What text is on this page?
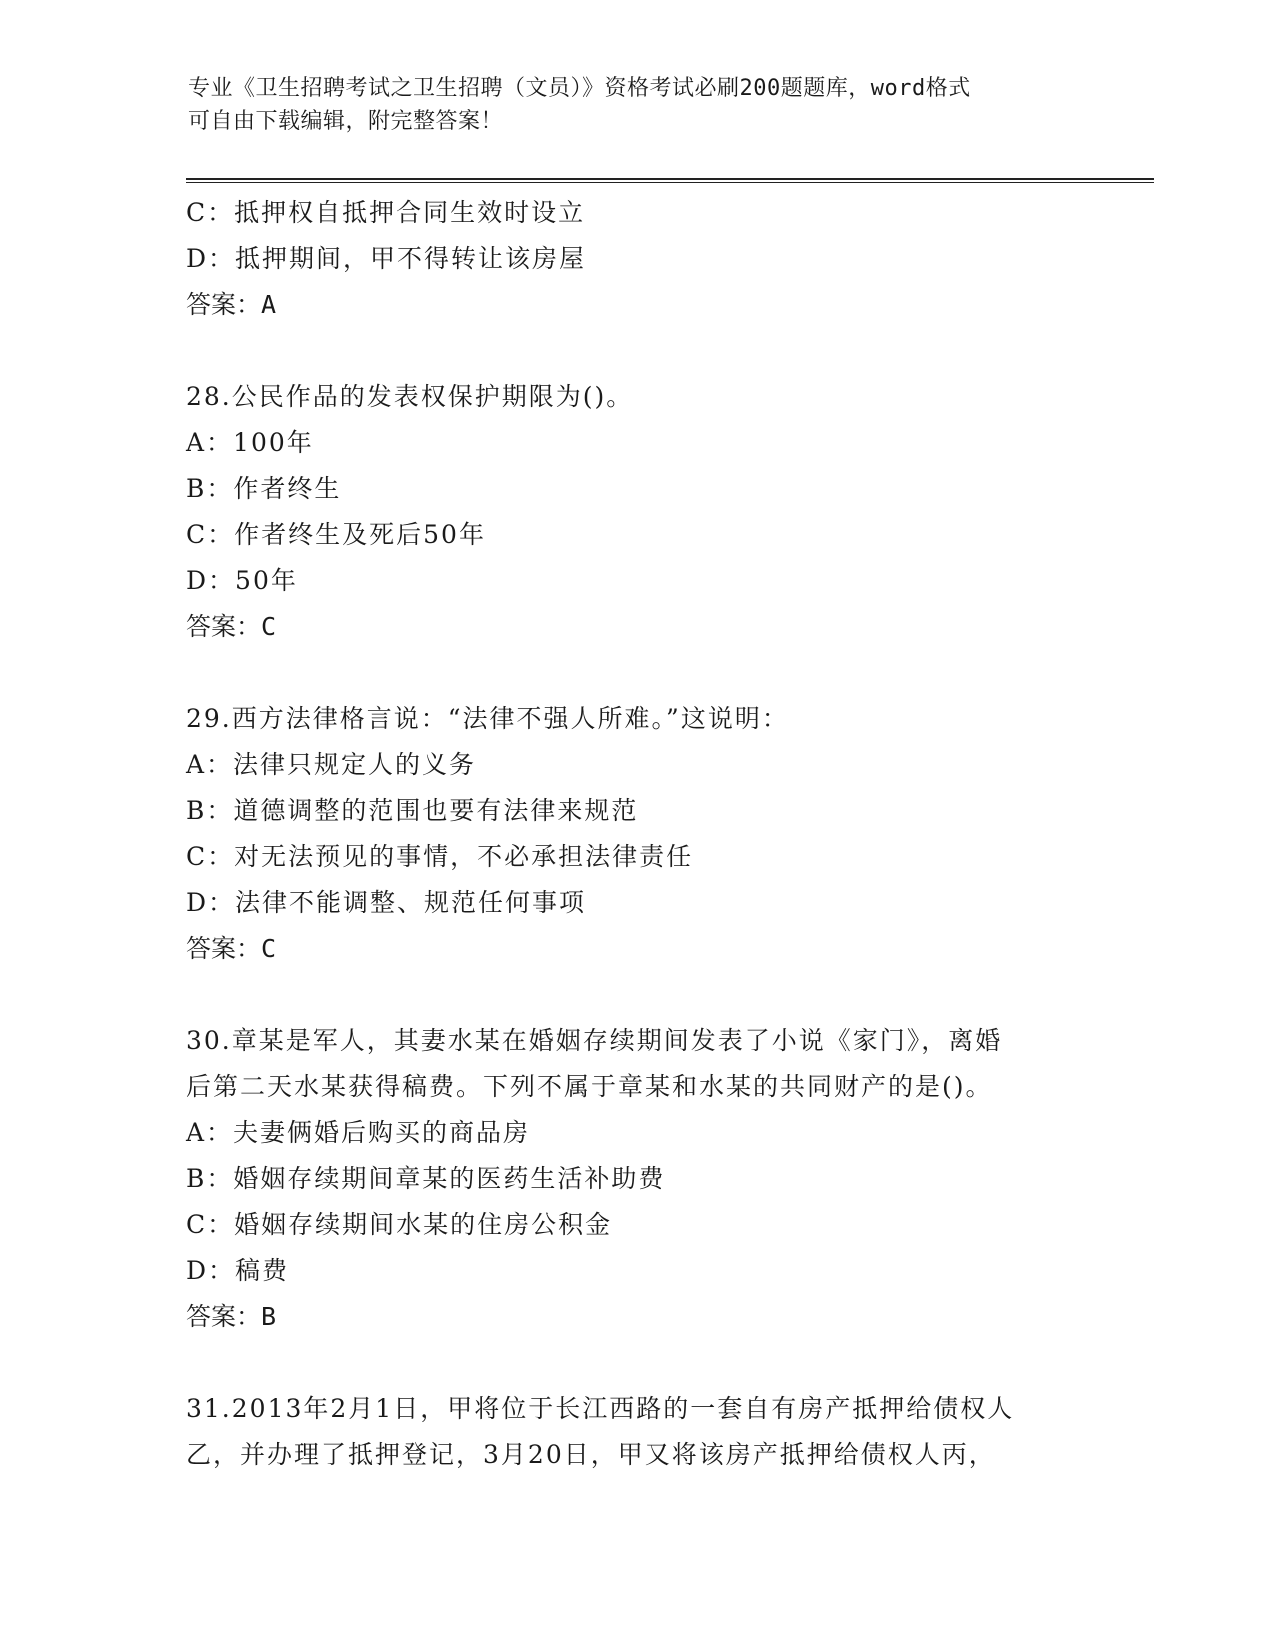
专业《卫生招聘考试之卫生招聘（文员）》资格考试必刷200题题库，word格式
可自由下载编辑，附完整答案！
C：抵押权自抵押合同生效时设立
D：抵押期间，甲不得转让该房屋
答案：A
28.公民作品的发表权保护期限为()。
A：100年
B：作者终生
C：作者终生及死后50年
D：50年
答案：C
29.西方法律格言说：“法律不强人所难。”这说明：
A：法律只规定人的义务
B：道德调整的范围也要有法律来规范
C：对无法预见的事情，不必承担法律责任
D：法律不能调整、规范任何事项
答案：C
30.章某是军人，其妻水某在婚姻存续期间发表了小说《家门》，离婚
后第二天水某获得稿费。下列不属于章某和水某的共同财产的是()。
A：夫妻俩婚后购买的商品房
B：婚姻存续期间章某的医药生活补助费
C：婚姻存续期间水某的住房公积金
D：稿费
答案：B
31.2013年2月1日，甲将位于长江西路的一套自有房产抵押给债权人
乙，并办理了抵押登记，3月20日，甲又将该房产抵押给债权人丙，
